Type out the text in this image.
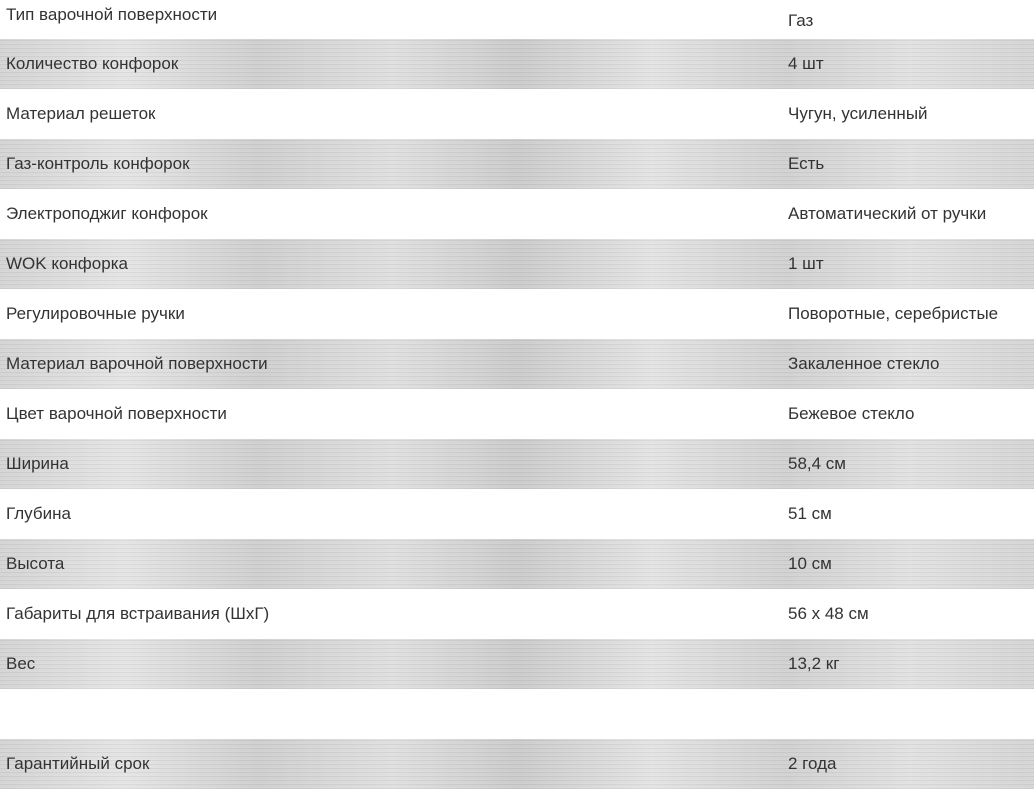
Тип варочной поверхности	Газ
Количество конфорок	4 шт
Материал решеток	Чугун, усиленный
Газ-контроль конфорок	Есть
Электроподжиг конфорок	Автоматический от ручки
WOK конфорка	1 шт
Регулировочные ручки	Поворотные, серебристые
Материал варочной поверхности	Закаленное стекло
Цвет варочной поверхности	Бежевое стекло
Ширина	58,4 см
Глубина	51 см
Высота	10 см
Габариты для встраивания (ШхГ)	56 х 48 см
Вес	13,2 кг
Гарантийный срок	2 года
